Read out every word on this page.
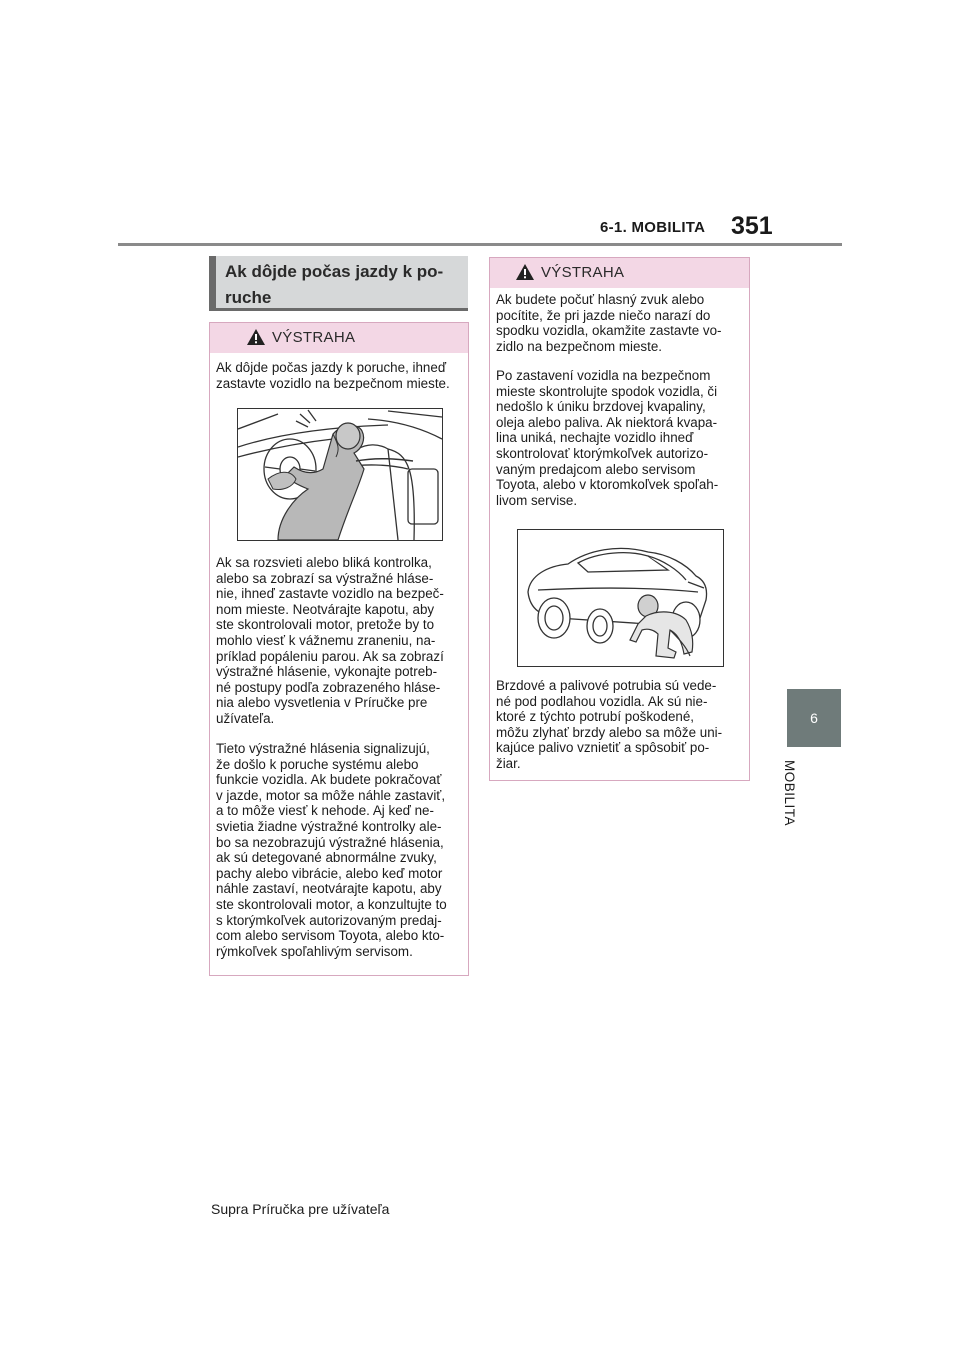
6-1. MOBILITA 351
6
MOBILITA
Ak dôjde počas jazdy k po-
ruche
VÝSTRAHA
Ak dôjde počas jazdy k poruche, ihneď
zastavte vozidlo na bezpečnom mieste.
Ak sa rozsvieti alebo bliká kontrolka,
alebo sa zobrazí sa výstražné hláse-
nie, ihneď zastavte vozidlo na bezpeč-
nom mieste. Neotvárajte kapotu, aby
ste skontrolovali motor, pretože by to
mohlo viesť k vážnemu zraneniu, na-
príklad popáleniu parou. Ak sa zobrazí
výstražné hlásenie, vykonajte potreb-
né postupy podľa zobrazeného hláse-
nia alebo vysvetlenia v Príručke pre
užívateľa.
Tieto výstražné hlásenia signalizujú,
že došlo k poruche systému alebo
funkcie vozidla. Ak budete pokračovať
v jazde, motor sa môže náhle zastaviť,
a to môže viesť k nehode. Aj keď ne-
svietia žiadne výstražné kontrolky ale-
bo sa nezobrazujú výstražné hlásenia,
ak sú detegované abnormálne zvuky,
pachy alebo vibrácie, alebo keď motor
náhle zastaví, neotvárajte kapotu, aby
ste skontrolovali motor, a konzultujte to
s ktorýmkoľvek autorizovaným predaj-
com alebo servisom Toyota, alebo kto-
rýmkoľvek spoľahlivým servisom.
VÝSTRAHA
Ak budete počuť hlasný zvuk alebo
pocítite, že pri jazde niečo narazí do
spodku vozidla, okamžite zastavte vo-
zidlo na bezpečnom mieste.
Po zastavení vozidla na bezpečnom
mieste skontrolujte spodok vozidla, či
nedošlo k úniku brzdovej kvapaliny,
oleja alebo paliva. Ak niektorá kvapa-
lina uniká, nechajte vozidlo ihneď
skontrolovať ktorýmkoľvek autorizo-
vaným predajcom alebo servisom
Toyota, alebo v ktoromkoľvek spoľah-
livom servise.
Brzdové a palivové potrubia sú vede-
né pod podlahou vozidla. Ak sú nie-
ktoré z týchto potrubí poškodené,
môžu zlyhať brzdy alebo sa môže uni-
kajúce palivo vznietiť a spôsobiť po-
žiar.
Supra Príručka pre užívateľa
